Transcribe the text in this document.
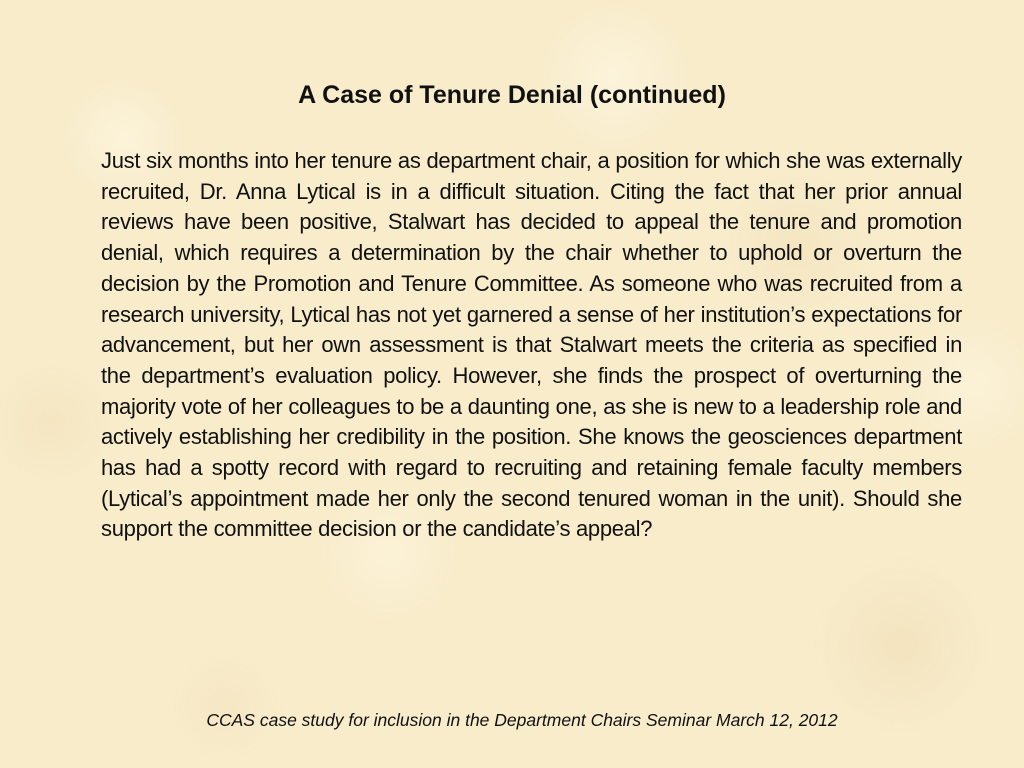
A Case of Tenure Denial (continued)
Just six months into her tenure as department chair, a position for which she was externally recruited, Dr. Anna Lytical is in a difficult situation. Citing the fact that her prior annual reviews have been positive, Stalwart has decided to appeal the tenure and promotion denial, which requires a determination by the chair whether to uphold or overturn the decision by the Promotion and Tenure Committee. As someone who was recruited from a research university, Lytical has not yet garnered a sense of her institution’s expectations for advancement, but her own assessment is that Stalwart meets the criteria as specified in the department’s evaluation policy. However, she finds the prospect of overturning the majority vote of her colleagues to be a daunting one, as she is new to a leadership role and actively establishing her credibility in the position. She knows the geosciences department has had a spotty record with regard to recruiting and retaining female faculty members (Lytical’s appointment made her only the second tenured woman in the unit). Should she support the committee decision or the candidate’s appeal?
CCAS case study for inclusion in the Department Chairs Seminar March 12, 2012
